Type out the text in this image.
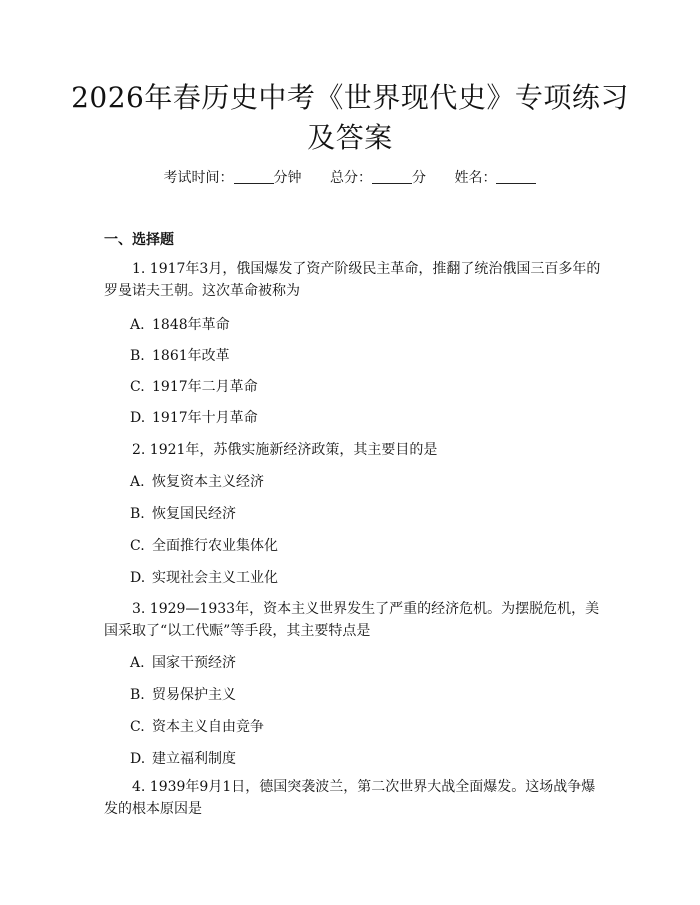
2026年春历史中考《世界现代史》专项练习
及答案
考试时间：	分钟 总分：	分 姓名：
一、选择题

1. 1917年3月，俄国爆发了资产阶级民主革命，推翻了统治俄国三百多年的罗曼诺夫王朝。这次革命被称为

A. 1848年革命
B. 1861年改革
C. 1917年二月革命
D. 1917年十月革命

2. 1921年，苏俄实施新经济政策，其主要目的是

A. 恢复资本主义经济
B. 恢复国民经济
C. 全面推行农业集体化
D. 实现社会主义工业化

3. 1929—1933年，资本主义世界发生了严重的经济危机。为摆脱危机，美国采取了“以工代赈”等手段，其主要特点是

A. 国家干预经济
B. 贸易保护主义
C. 资本主义自由竞争
D. 建立福利制度

4. 1939年9月1日，德国突袭波兰，第二次世界大战全面爆发。这场战争爆发的根本原因是
